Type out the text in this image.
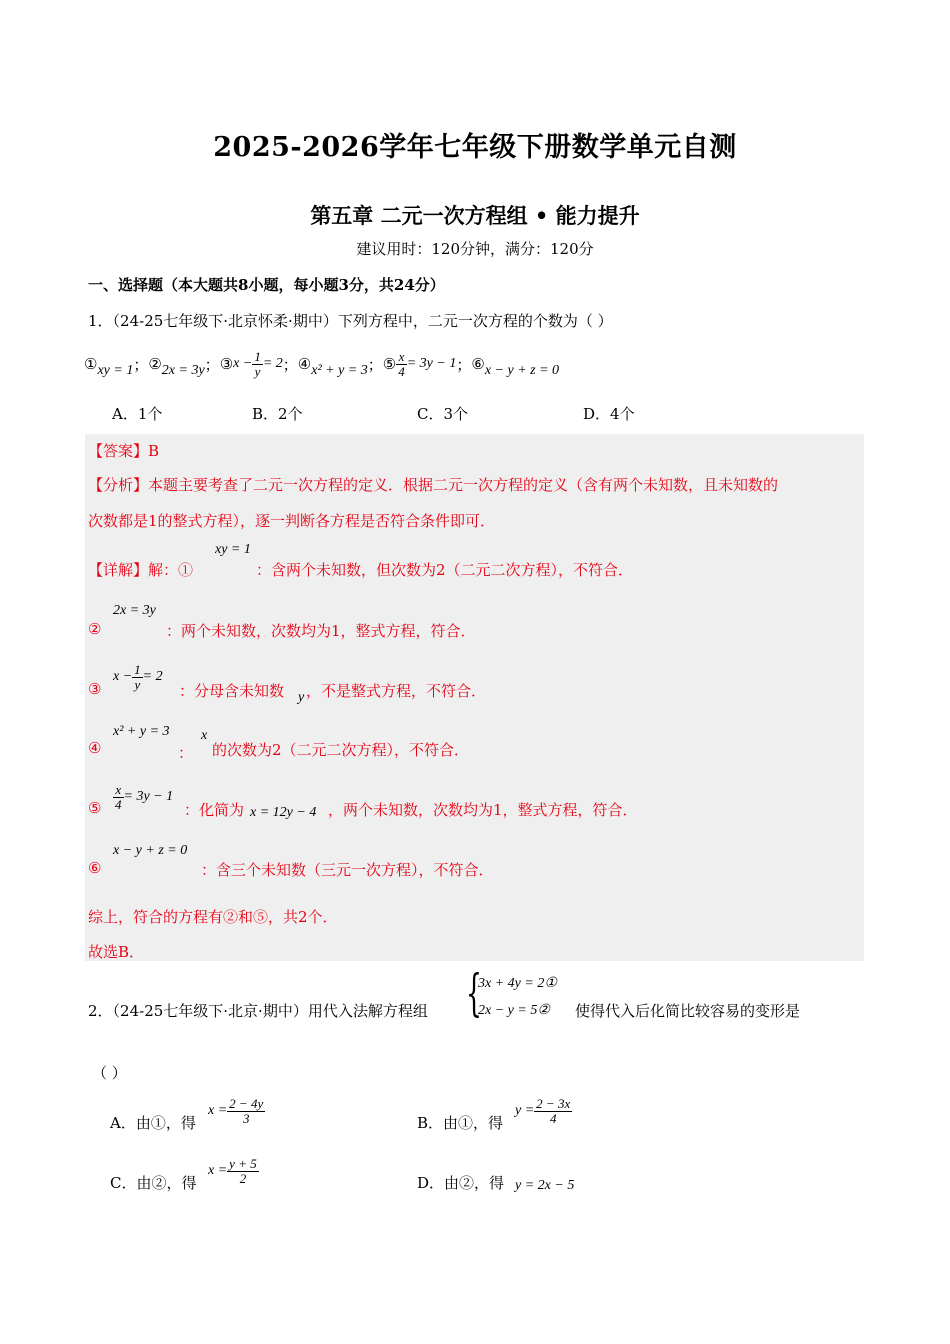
2025-2026学年七年级下册数学单元自测
第五章 二元一次方程组 • 能力提升
建议用时：120分钟，满分：120分
一、选择题（本大题共8小题，每小题3分，共24分）
1．（24-25七年级下·北京怀柔·期中）下列方程中，二元一次方程的个数为（ ）
① xy = 1 ； ② 2x = 3y ； ③ $x - \frac{1}{y} = 2$ ； ④ x² + y = 3 ； ⑤ $\frac{x}{4} = 3y - 1$ ； ⑥ x − y + z = 0
A．1个	B．2个	C．3个	D．4个
【答案】B
【分析】本题主要考查了二元一次方程的定义．根据二元一次方程的定义（含有两个未知数，且未知数的
次数都是1的整式方程），逐一判断各方程是否符合条件即可．
【详解】解：①
xy = 1
：含两个未知数，但次数为2（二元二次方程），不符合．
②
2x = 3y
：两个未知数，次数均为1，整式方程，符合．
③
$x - \frac{1}{y} = 2$
：分母含未知数 y ，不是整式方程，不符合．
④
x² + y = 3
：
x
的次数为2（二元二次方程），不符合．
⑤ $\frac{x}{4} = 3y - 1$
：化简为 x = 12y − 4 ，两个未知数，次数均为1，整式方程，符合．
⑥
x − y + z = 0
：含三个未知数（三元一次方程），不符合．
综上，符合的方程有②和⑤，共2个．
故选B．
2．（24-25七年级下·北京·期中）用代入法解方程组 {
3x + 4y = 2①
2x − y = 5② 使得代入后化简比较容易的变形是
（ ）
A．由①，得
$x = \frac{2 - 4y}{3}$	B．由①，得
$y = \frac{2 - 3x}{4}$
C．由②，得
$x = \frac{y + 5}{2}$	D．由②，得 y = 2x − 5
